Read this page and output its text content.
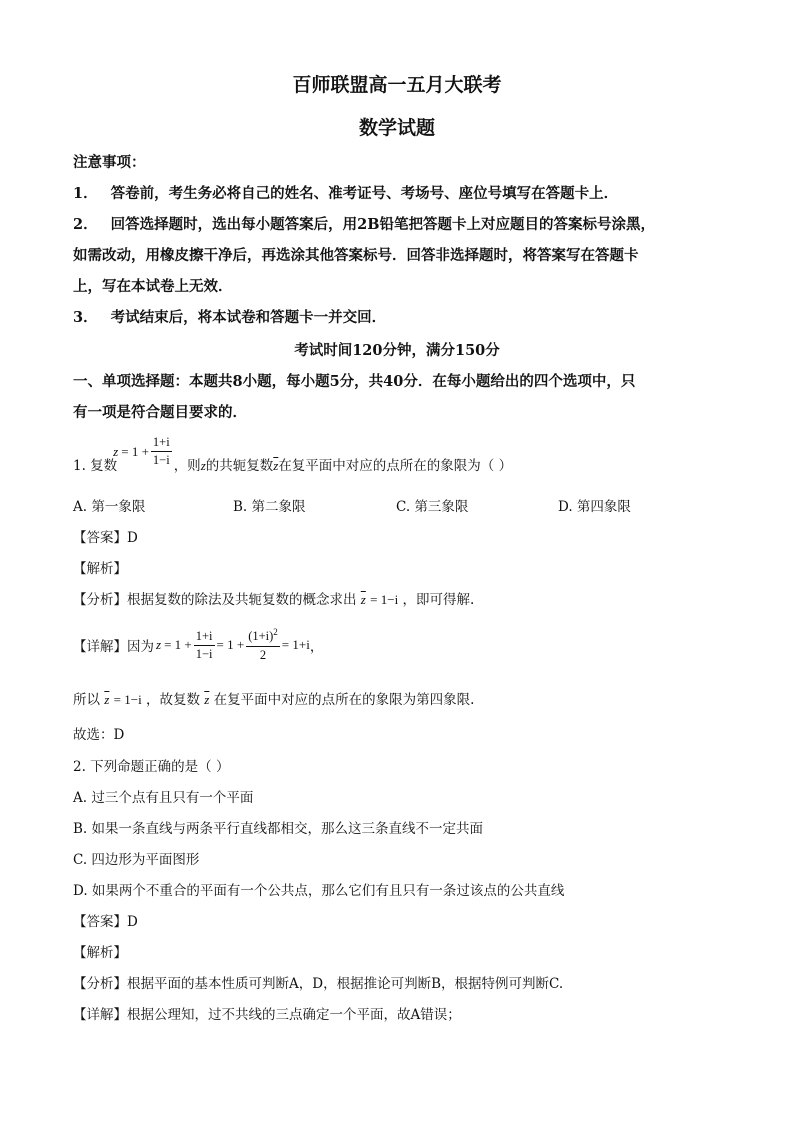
百师联盟高一五月大联考
数学试题
注意事项：
1． 答卷前，考生务必将自己的姓名、准考证号、考场号、座位号填写在答题卡上．
2． 回答选择题时，选出每小题答案后，用2B铅笔把答题卡上对应题目的答案标号涂黑，
如需改动，用橡皮擦干净后，再选涂其他答案标号．回答非选择题时，将答案写在答题卡
上，写在本试卷上无效．
3． 考试结束后，将本试卷和答题卡一并交回．
考试时间120分钟，满分150分
一、单项选择题：本题共8小题，每小题5分，共40分．在每小题给出的四个选项中，只
有一项是符合题目要求的．
1. 复数
$z = 1 + \frac{1+i}{1-i}$ ，则 z 的共轭复数 $\overline{z}$ 在复平面中对应的点所在的象限为（ ）
A. 第一象限	B. 第二象限	C. 第三象限	D. 第四象限
【答案】D
【解析】
【分析】根据复数的除法及共轭复数的概念求出 $\overline{z} = 1-i$ ，即可得解.
【详解】因为 $z = 1 + \frac{1+i}{1-i} = 1 + \frac{(1+i)^2}{2} = 1+i$ ，
所以 $\overline{z} = 1-i$ ，故复数 $\overline{z}$ 在复平面中对应的点所在的象限为第四象限.
故选：D
2. 下列命题正确的是（ ）
A. 过三个点有且只有一个平面
B. 如果一条直线与两条平行直线都相交，那么这三条直线不一定共面
C. 四边形为平面图形
D. 如果两个不重合的平面有一个公共点，那么它们有且只有一条过该点的公共直线
【答案】D
【解析】
【分析】根据平面的基本性质可判断A，D，根据推论可判断B，根据特例可判断C.
【详解】根据公理知，过不共线的三点确定一个平面，故A错误；
